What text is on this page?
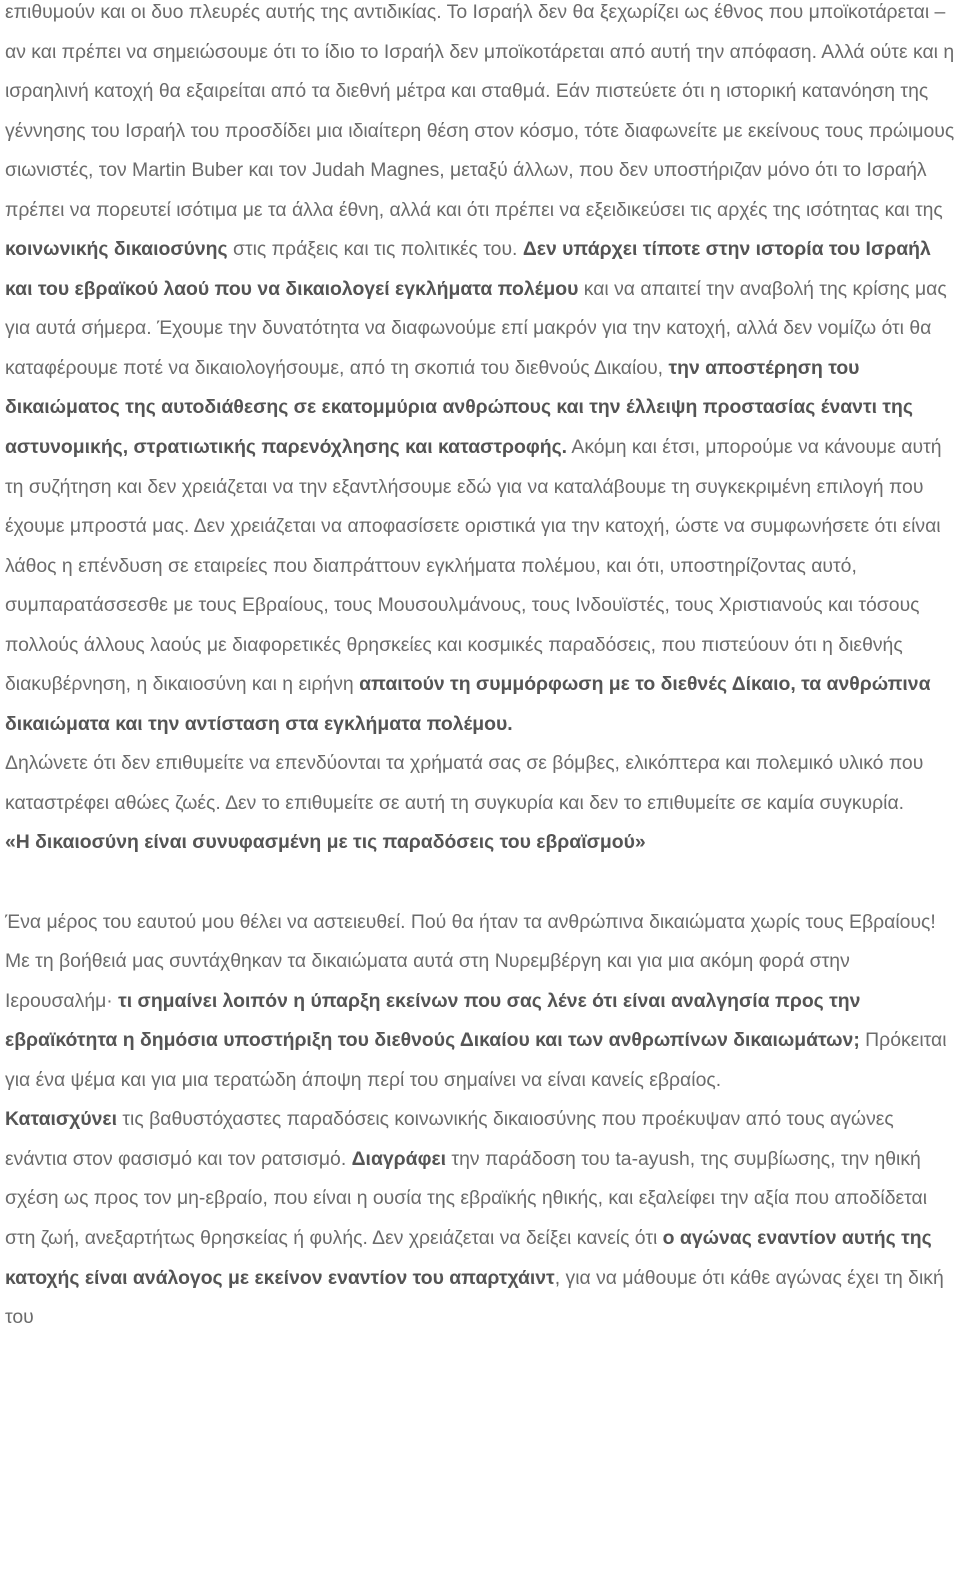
επιθυμούν και οι δυο πλευρές αυτής της αντιδικίας. Το Ισραήλ δεν θα ξεχωρίζει ως έθνος που μποϊκοτάρεται – αν και πρέπει να σημειώσουμε ότι το ίδιο το Ισραήλ δεν μποϊκοτάρεται από αυτή την απόφαση. Αλλά ούτε και η ισραηλινή κατοχή θα εξαιρείται από τα διεθνή μέτρα και σταθμά. Εάν πιστεύετε ότι η ιστορική κατανόηση της γέννησης του Ισραήλ του προσδίδει μια ιδιαίτερη θέση στον κόσμο, τότε διαφωνείτε με εκείνους τους πρώιμους σιωνιστές, τον Martin Buber και τον Judah Magnes, μεταξύ άλλων, που δεν υποστήριζαν μόνο ότι το Ισραήλ πρέπει να πορευτεί ισότιμα με τα άλλα έθνη, αλλά και ότι πρέπει να εξειδικεύσει τις αρχές της ισότητας και της κοινωνικής δικαιοσύνης στις πράξεις και τις πολιτικές του. Δεν υπάρχει τίποτε στην ιστορία του Ισραήλ και του εβραϊκού λαού που να δικαιολογεί εγκλήματα πολέμου και να απαιτεί την αναβολή της κρίσης μας για αυτά σήμερα. Έχουμε την δυνατότητα να διαφωνούμε επί μακρόν για την κατοχή, αλλά δεν νομίζω ότι θα καταφέρουμε ποτέ να δικαιολογήσουμε, από τη σκοπιά του διεθνούς Δικαίου, την αποστέρηση του δικαιώματος της αυτοδιάθεσης σε εκατομμύρια ανθρώπους και την έλλειψη προστασίας έναντι της αστυνομικής, στρατιωτικής παρενόχλησης και καταστροφής. Ακόμη και έτσι, μπορούμε να κάνουμε αυτή τη συζήτηση και δεν χρειάζεται να την εξαντλήσουμε εδώ για να καταλάβουμε τη συγκεκριμένη επιλογή που έχουμε μπροστά μας. Δεν χρειάζεται να αποφασίσετε οριστικά για την κατοχή, ώστε να συμφωνήσετε ότι είναι λάθος η επένδυση σε εταιρείες που διαπράττουν εγκλήματα πολέμου, και ότι, υποστηρίζοντας αυτό, συμπαρατάσσεσθε με τους Εβραίους, τους Μουσουλμάνους, τους Ινδουϊστές, τους Χριστιανούς και τόσους πολλούς άλλους λαούς με διαφορετικές θρησκείες και κοσμικές παραδόσεις, που πιστεύουν ότι η διεθνής διακυβέρνηση, η δικαιοσύνη και η ειρήνη απαιτούν τη συμμόρφωση με το διεθνές Δίκαιο, τα ανθρώπινα δικαιώματα και την αντίσταση στα εγκλήματα πολέμου.

Δηλώνετε ότι δεν επιθυμείτε να επενδύονται τα χρήματά σας σε βόμβες, ελικόπτερα και πολεμικό υλικό που καταστρέφει αθώες ζωές. Δεν το επιθυμείτε σε αυτή τη συγκυρία και δεν το επιθυμείτε σε καμία συγκυρία.

«Η δικαιοσύνη είναι συνυφασμένη με τις παραδόσεις του εβραϊσμού»

Ένα μέρος του εαυτού μου θέλει να αστειευθεί. Πού θα ήταν τα ανθρώπινα δικαιώματα χωρίς τους Εβραίους! Με τη βοήθειά μας συντάχθηκαν τα δικαιώματα αυτά στη Νυρεμβέργη και για μια ακόμη φορά στην Ιερουσαλήμ· τι σημαίνει λοιπόν η ύπαρξη εκείνων που σας λένε ότι είναι αναλγησία προς την εβραϊκότητα η δημόσια υποστήριξη του διεθνούς Δικαίου και των ανθρωπίνων δικαιωμάτων; Πρόκειται για ένα ψέμα και για μια τερατώδη άποψη περί του σημαίνει να είναι κανείς εβραίος.

Καταισχύνει τις βαθυστόχαστες παραδόσεις κοινωνικής δικαιοσύνης που προέκυψαν από τους αγώνες ενάντια στον φασισμό και τον ρατσισμό. Διαγράφει την παράδοση του ta-ayush, της συμβίωσης, την ηθική σχέση ως προς τον μη-εβραίο, που είναι η ουσία της εβραϊκής ηθικής, και εξαλείφει την αξία που αποδίδεται στη ζωή, ανεξαρτήτως θρησκείας ή φυλής. Δεν χρειάζεται να δείξει κανείς ότι ο αγώνας εναντίον αυτής της κατοχής είναι ανάλογος με εκείνον εναντίον του απαρτχάιντ, για να μάθουμε ότι κάθε αγώνας έχει τη δική του
